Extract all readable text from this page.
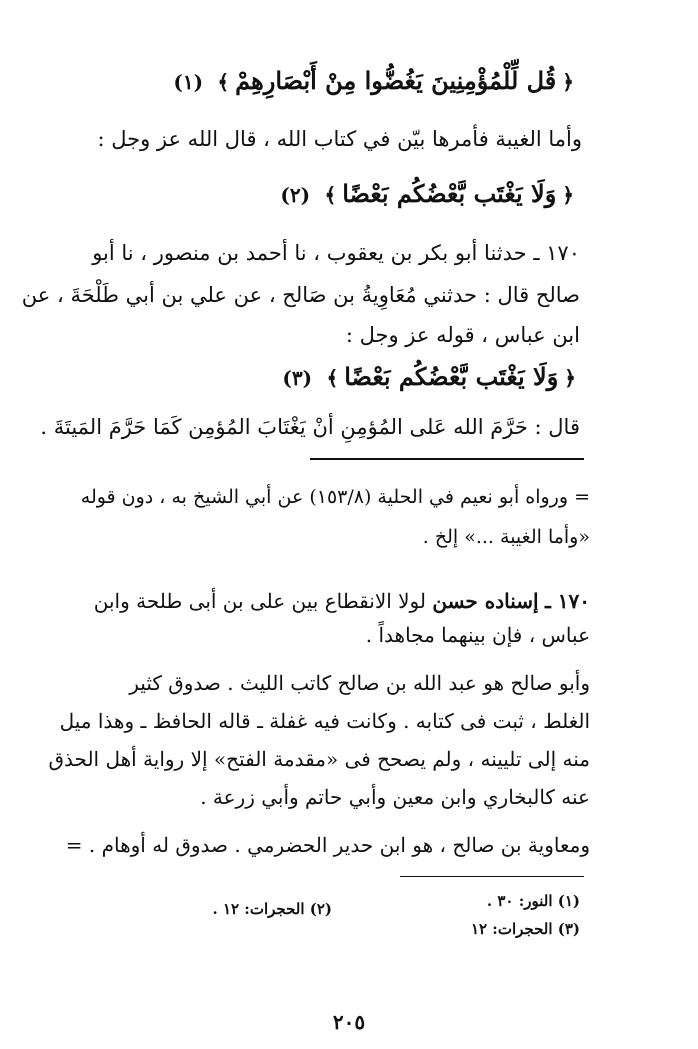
﴿قُل لِّلْمُؤْمِنِينَ يَغُضُّوا مِنْ أَبْصَارِهِمْ﴾ (١)
وأما الغيبة فأمرها بيّن في كتاب الله ، قال الله عز وجل :
﴿وَلَا يَغْتَب بَّعْضُكُم بَعْضًا﴾ (٢)
١٧٠ ـ حدثنا أبو بكر بن يعقوب ، نا أحمد بن منصور ، نا أبو
صالح قال : حدثني مُعَاوِيةُ بن صَالح ، عن علي بن أبي طَلْحَةَ ، عن
ابن عباس ، قوله عز وجل :
﴿وَلَا يَغْتَب بَّعْضُكُم بَعْضًا﴾ (٣)
قال : حَرَّمَ الله عَلى المُؤمِنِ أنْ يَغْتَابَ المُؤمِن كَمَا حَرَّمَ المَيتَةَ .
= ورواه أبو نعيم في الحلية (١٥٣/٨) عن أبي الشيخ به ، دون قوله
«وأما الغيبة ...» إلخ .
١٧٠ ـ إسناده حسن لولا الانقطاع بين على بن أبى طلحة وابن
عباس ، فإن بينهما مجاهداً .
وأبو صالح هو عبد الله بن صالح كاتب الليث . صدوق كثير
الغلط ، ثبت فى كتابه . وكانت فيه غفلة ـ قاله الحافظ ـ وهذا ميل
منه إلى تليينه ، ولم يصحح فى «مقدمة الفتح» إلا رواية أهل الحذق
عنه كالبخاري وابن معين وأبي حاتم وأبي زرعة .
ومعاوية بن صالح ، هو ابن حدير الحضرمي . صدوق له أوهام . =
(١) النور: ٣٠ .
(٢) الحجرات: ١٢ .
(٣) الحجرات: ١٢
٢٠٥
